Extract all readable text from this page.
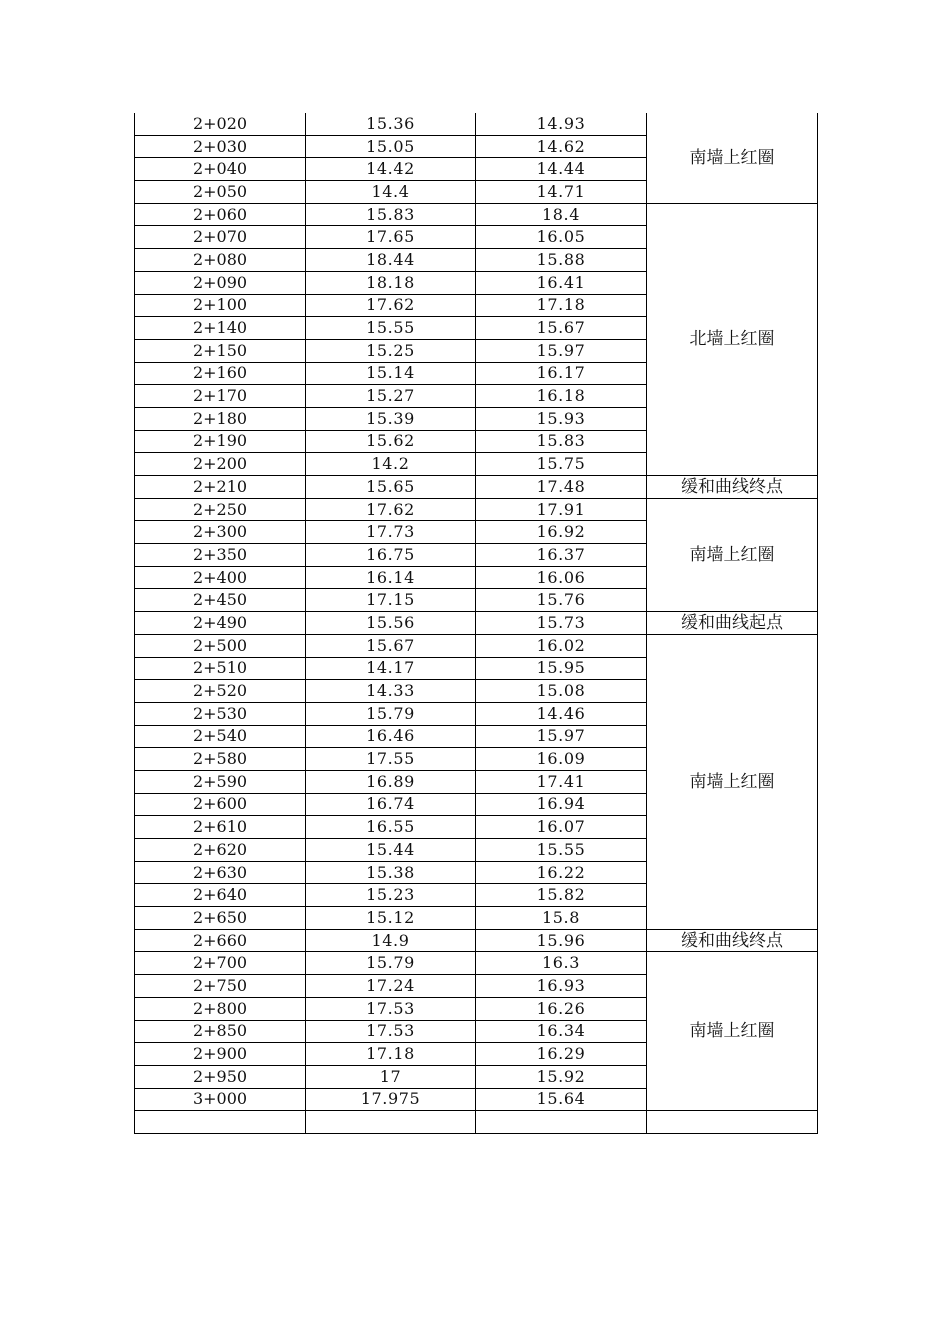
2+020	15.36	14.93	南墙上红圈
2+030	15.05	14.62	
2+040	14.42	14.44	
2+050	14.4	14.71	
2+060	15.83	18.4	北墙上红圈
2+070	17.65	16.05	
2+080	18.44	15.88	
2+090	18.18	16.41	
2+100	17.62	17.18	
2+140	15.55	15.67	
2+150	15.25	15.97	
2+160	15.14	16.17	
2+170	15.27	16.18	
2+180	15.39	15.93	
2+190	15.62	15.83	
2+200	14.2	15.75	
2+210	15.65	17.48	缓和曲线终点
2+250	17.62	17.91	南墙上红圈
2+300	17.73	16.92	
2+350	16.75	16.37	
2+400	16.14	16.06	
2+450	17.15	15.76	
2+490	15.56	15.73	缓和曲线起点
2+500	15.67	16.02	南墙上红圈
2+510	14.17	15.95	
2+520	14.33	15.08	
2+530	15.79	14.46	
2+540	16.46	15.97	
2+580	17.55	16.09	
2+590	16.89	17.41	
2+600	16.74	16.94	
2+610	16.55	16.07	
2+620	15.44	15.55	
2+630	15.38	16.22	
2+640	15.23	15.82	
2+650	15.12	15.8	
2+660	14.9	15.96	缓和曲线终点
2+700	15.79	16.3	南墙上红圈
2+750	17.24	16.93	
2+800	17.53	16.26	
2+850	17.53	16.34	
2+900	17.18	16.29	
2+950	17	15.92	
3+000	17.975	15.64	
